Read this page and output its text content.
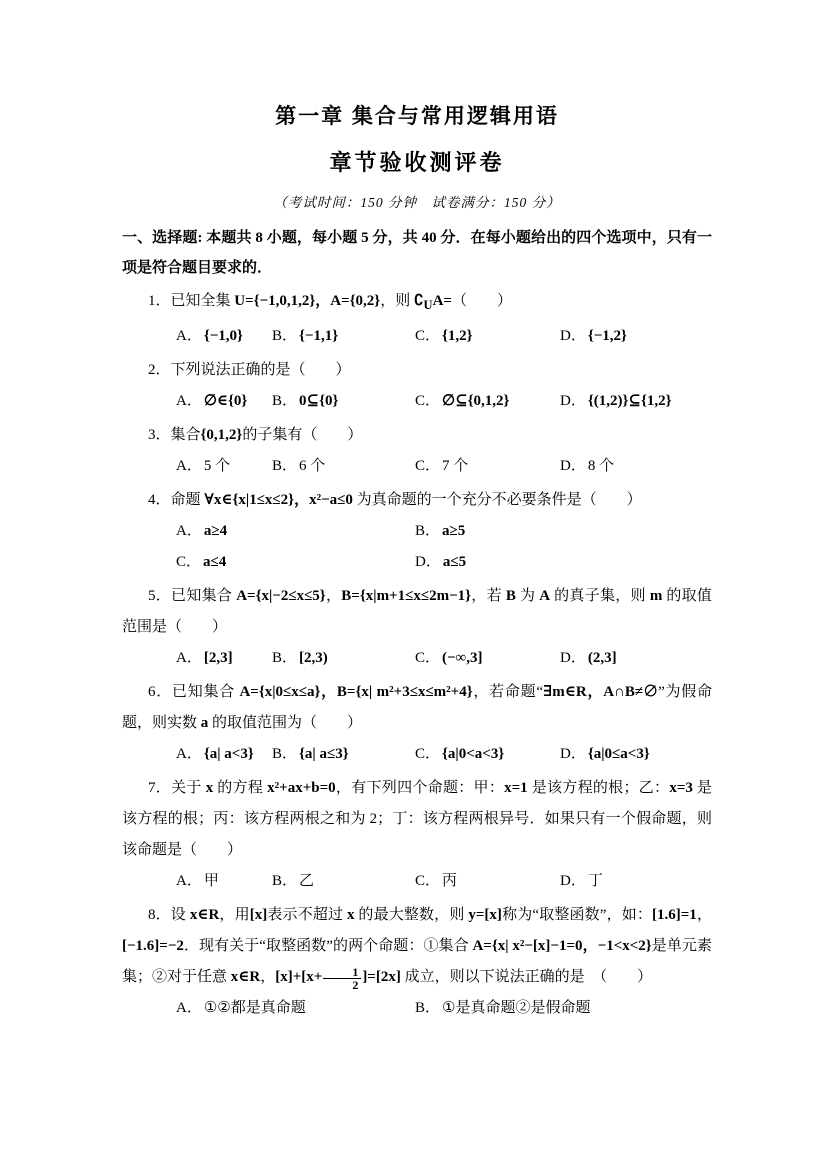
第一章 集合与常用逻辑用语
章节验收测评卷
（考试时间：150 分钟　试卷满分：150 分）
一、选择题: 本题共 8 小题，每小题 5 分，共 40 分．在每小题给出的四个选项中，只有一项是符合题目要求的．

1．已知全集 U={−1,0,1,2}，A={0,2}，则 $∁_UA=$（　　）

A． {−1,0}	B． {−1,1}	C． {1,2}	D． {−1,2}

2．下列说法正确的是（　　）

A． ∅∈{0}	B． 0⊆{0}	C． ∅⊆{0,1,2}	D． {(1,2)}⊆{1,2}

3．集合{0,1,2}的子集有（　　）

A． 5 个	B． 6 个	C． 7 个	D． 8 个

4．命题 ∀x∈{x|1≤x≤2}，x²−a≤0 为真命题的一个充分不必要条件是（　　）

A． a≥4	B． a≥5
C． a≤4	D． a≤5

5．已知集合 A={x|−2≤x≤5}，B={x|m+1≤x≤2m−1}，若 B 为 A 的真子集，则 m 的取值范围是（　　）

A． [2,3]	B． [2,3)	C． (−∞,3]	D． (2,3]

6．已知集合 A={x|0≤x≤a}，B={x| m²+3≤x≤m²+4}，若命题“∃m∈R，A∩B≠∅”为假命题，则实数 a 的取值范围为（　　）

A． {a| a<3}	B． {a| a≤3}	C． {a|0<a<3}	D． {a|0≤a<3}

7．关于 x 的方程 x²+ax+b=0，有下列四个命题：甲：x=1 是该方程的根；乙：x=3 是该方程的根；丙：该方程两根之和为 2；丁：该方程两根异号．如果只有一个假命题，则该命题是（　　）

A． 甲	B． 乙	C． 丙	D． 丁

8．设 x∈R，用[x]表示不超过 x 的最大整数，则 y=[x]称为“取整函数”，如：[1.6]=1，[−1.6]=−2．现有关于“取整函数”的两个命题：①集合 A={x| x²−[x]−1=0，−1<x<2}是单元素集；②对于任意 x∈R，$[x]+[x+ \frac{1}{2} ]=[2x]$ 成立，则以下说法正确的是　（　　）

A． ①②都是真命题	B． ①是真命题②是假命题
